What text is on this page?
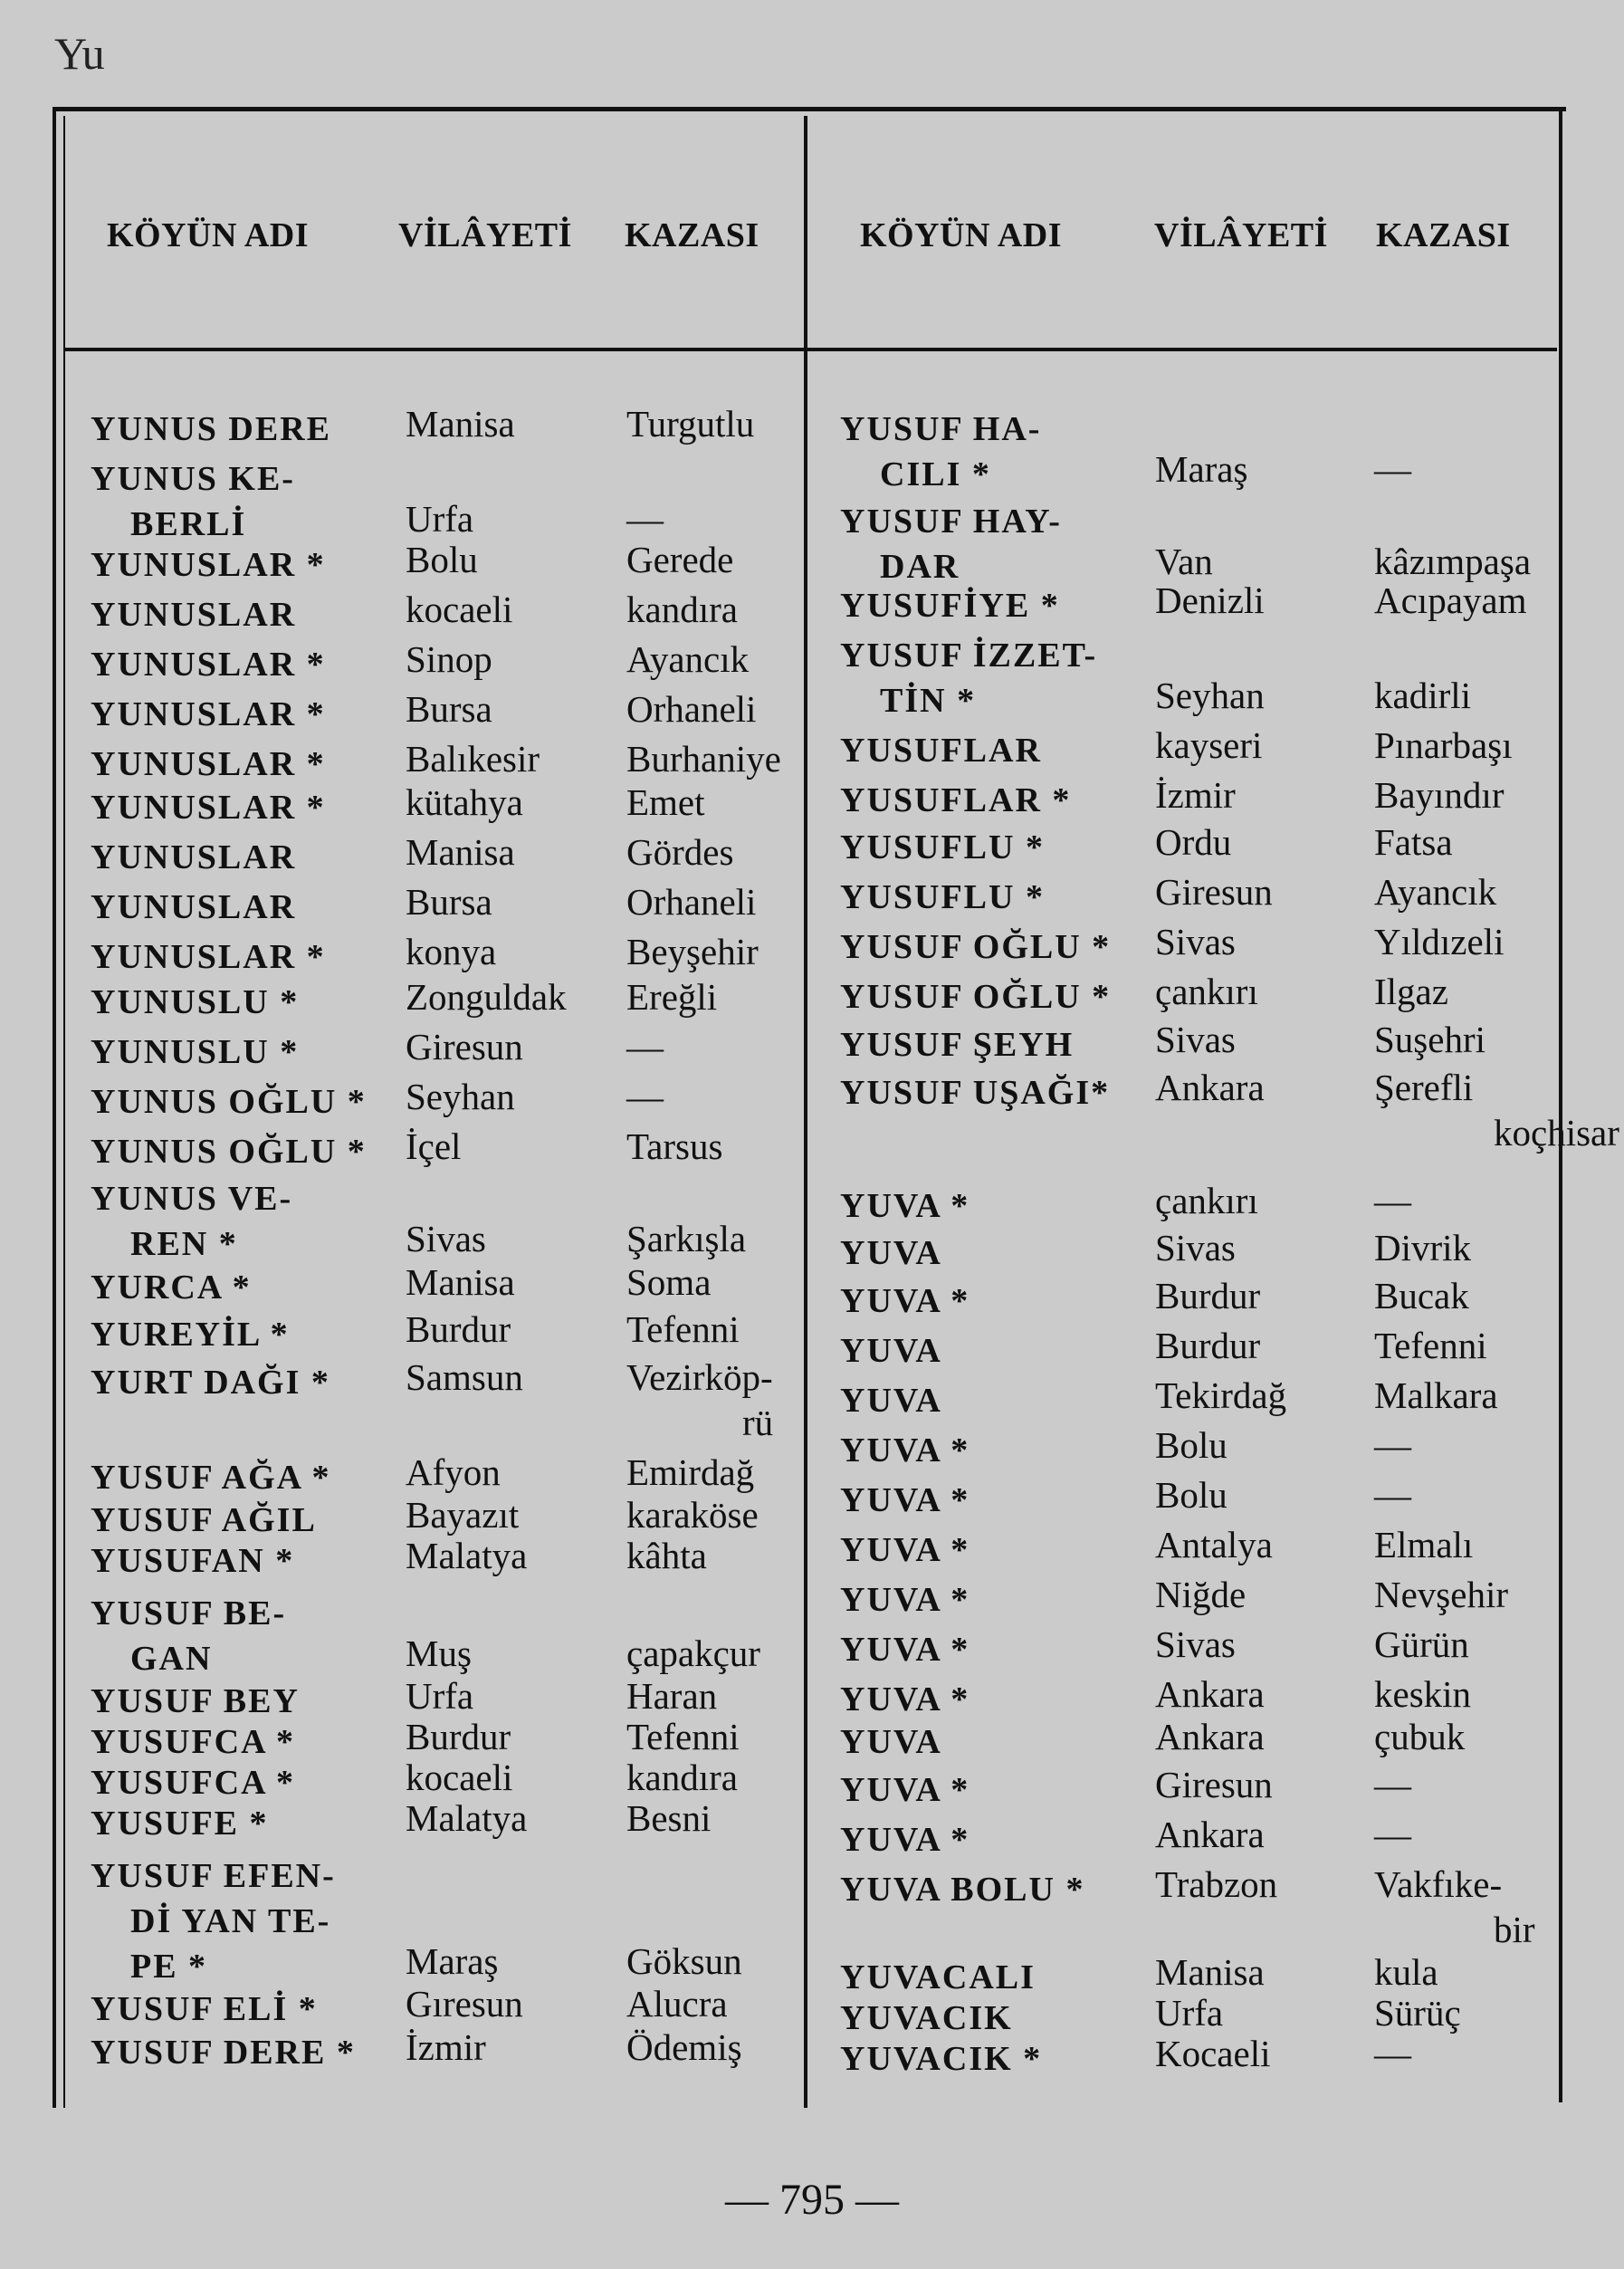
Yu
KÖYÜN ADI	VİLÂYETİ KAZASI	KÖYÜN ADI	VİLÂYETİ KAZASI
YUNUS DERE Manisa	Turgutlu
YUNUS KE-
BERLİ	Urfa	—
YUNUSLAR * Bolu	Gerede
YUNUSLAR	kocaeli	kandıra
YUNUSLAR * Sinop	Ayancık
YUNUSLAR * Bursa	Orhaneli
YUNUSLAR * Balıkesir Burhaniye
YUNUSLAR * kütahya	Emet
YUNUSLAR	Manisa	Gördes
YUNUSLAR	Bursa	Orhaneli
YUNUSLAR * konya	Beyşehir
YUNUSLU *	Zonguldak Ereğli
YUNUSLU *	Giresun	—
YUNUS OĞLU * Seyhan	—
YUNUS OĞLU * İçel	Tarsus
YUNUS VE-
REN *	Sivas	Şarkışla
YURCA *	Manisa	Soma
YUREYİL *	Burdur	Tefenni
YURT DAĞI * Samsun	Vezirköp-
rü
YUSUF AĞA * Afyon	Emirdağ
YUSUF AĞIL Bayazıt	karaköse
YUSUFAN *	Malatya	kâhta
YUSUF BE-
GAN	Muş	çapakçur
YUSUF BEY	Urfa	Haran
YUSUFCA *	Burdur	Tefenni
YUSUFCA *	kocaeli	kandıra
YUSUFE *	Malatya	Besni
YUSUF EFEN-
Dİ YAN TE-
PE *	Maraş	Göksun
YUSUF ELİ * Gıresun	Alucra
YUSUF DERE * İzmir	Ödemiş
YUSUF HA-
CILI *	Maraş	—
YUSUF HAY-
DAR	Van	kâzımpaşa
YUSUFİYE *	Denizli	Acıpayam
YUSUF İZZET-
TİN *	Seyhan	kadirli
YUSUFLAR	kayseri	Pınarbaşı
YUSUFLAR * İzmir	Bayındır
YUSUFLU *	Ordu	Fatsa
YUSUFLU *	Giresun	Ayancık
YUSUF OĞLU * Sivas	Yıldızeli
YUSUF OĞLU * çankırı	Ilgaz
YUSUF ŞEYH Sivas	Suşehri
YUSUF UŞAĞI* Ankara	Şerefli
koçhisar
YUVA *	çankırı	—
YUVA	Sivas	Divrik
YUVA *	Burdur	Bucak
YUVA	Burdur	Tefenni
YUVA	Tekirdağ Malkara
YUVA *	Bolu	—
YUVA *	Bolu	—
YUVA *	Antalya	Elmalı
YUVA *	Niğde	Nevşehir
YUVA *	Sivas	Gürün
YUVA *	Ankara	keskin
YUVA	Ankara	çubuk
YUVA *	Giresun	—
YUVA *	Ankara	—
YUVA BOLU * Trabzon	Vakfıke-
bir
YUVACALI	Manisa	kula
YUVACIK	Urfa	Sürüç
YUVACIK *	Kocaeli	—
— 795 —
